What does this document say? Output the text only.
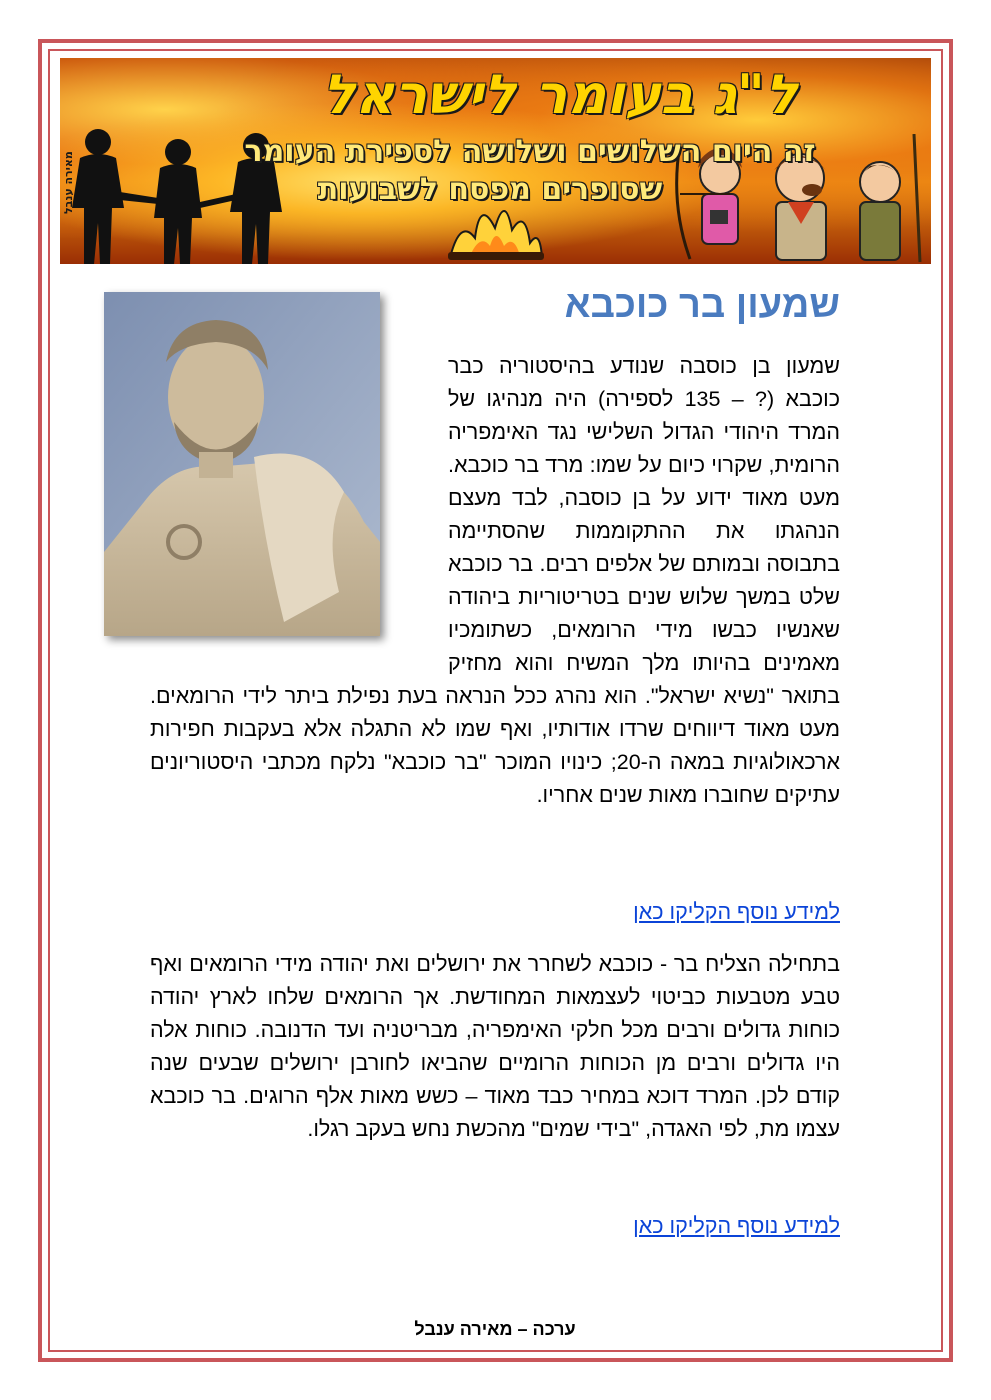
מאירה ענבל
ל"ג בעומר לישראל
זה היום השלושים ושלושה לספירת העומר
שסופרים מפסח לשבועות
שמעון בר כוכבא

שמעון בן כוסבה שנודע בהיסטוריה כבר כוכבא (? – 135 לספירה) היה מנהיגו של המרד היהודי הגדול השלישי נגד האימפריה הרומית, שקרוי כיום על שמו: מרד בר כוכבא. מעט מאוד ידוע על בן כוסבה, לבד מעצם הנהגתו את ההתקוממות שהסתיימה בתבוסה ובמותם של אלפים רבים. בר כוכבא שלט במשך שלוש שנים בטריטוריות ביהודה שאנשיו כבשו מידי הרומאים, כשתומכיו מאמינים בהיותו מלך המשיח והוא מחזיק בתואר "נשיא ישראל". הוא נהרג ככל הנראה בעת נפילת ביתר לידי הרומאים. מעט מאוד דיווחים שרדו אודותיו, ואף שמו לא התגלה אלא בעקבות חפירות ארכאולוגיות במאה ה-20; כינויו המוכר "בר כוכבא" נלקח מכתבי היסטוריונים עתיקים שחוברו מאות שנים אחריו.

למידע נוסף הקליקו כאן

בתחילה הצליח בר - כוכבא לשחרר את ירושלים ואת יהודה מידי הרומאים ואף טבע מטבעות כביטוי לעצמאות המחודשת. אך הרומאים שלחו לארץ יהודה כוחות גדולים ורבים מכל חלקי האימפריה, מבריטניה ועד הדנובה. כוחות אלה היו גדולים ורבים מן הכוחות הרומיים שהביאו לחורבן ירושלים שבעים שנה קודם לכן. המרד דוכא במחיר כבד מאוד – כשש מאות אלף הרוגים. בר כוכבא עצמו מת, לפי האגדה, "בידי שמים" מהכשת נחש בעקב רגלו.

למידע נוסף הקליקו כאן
ערכה – מאירה ענבל
